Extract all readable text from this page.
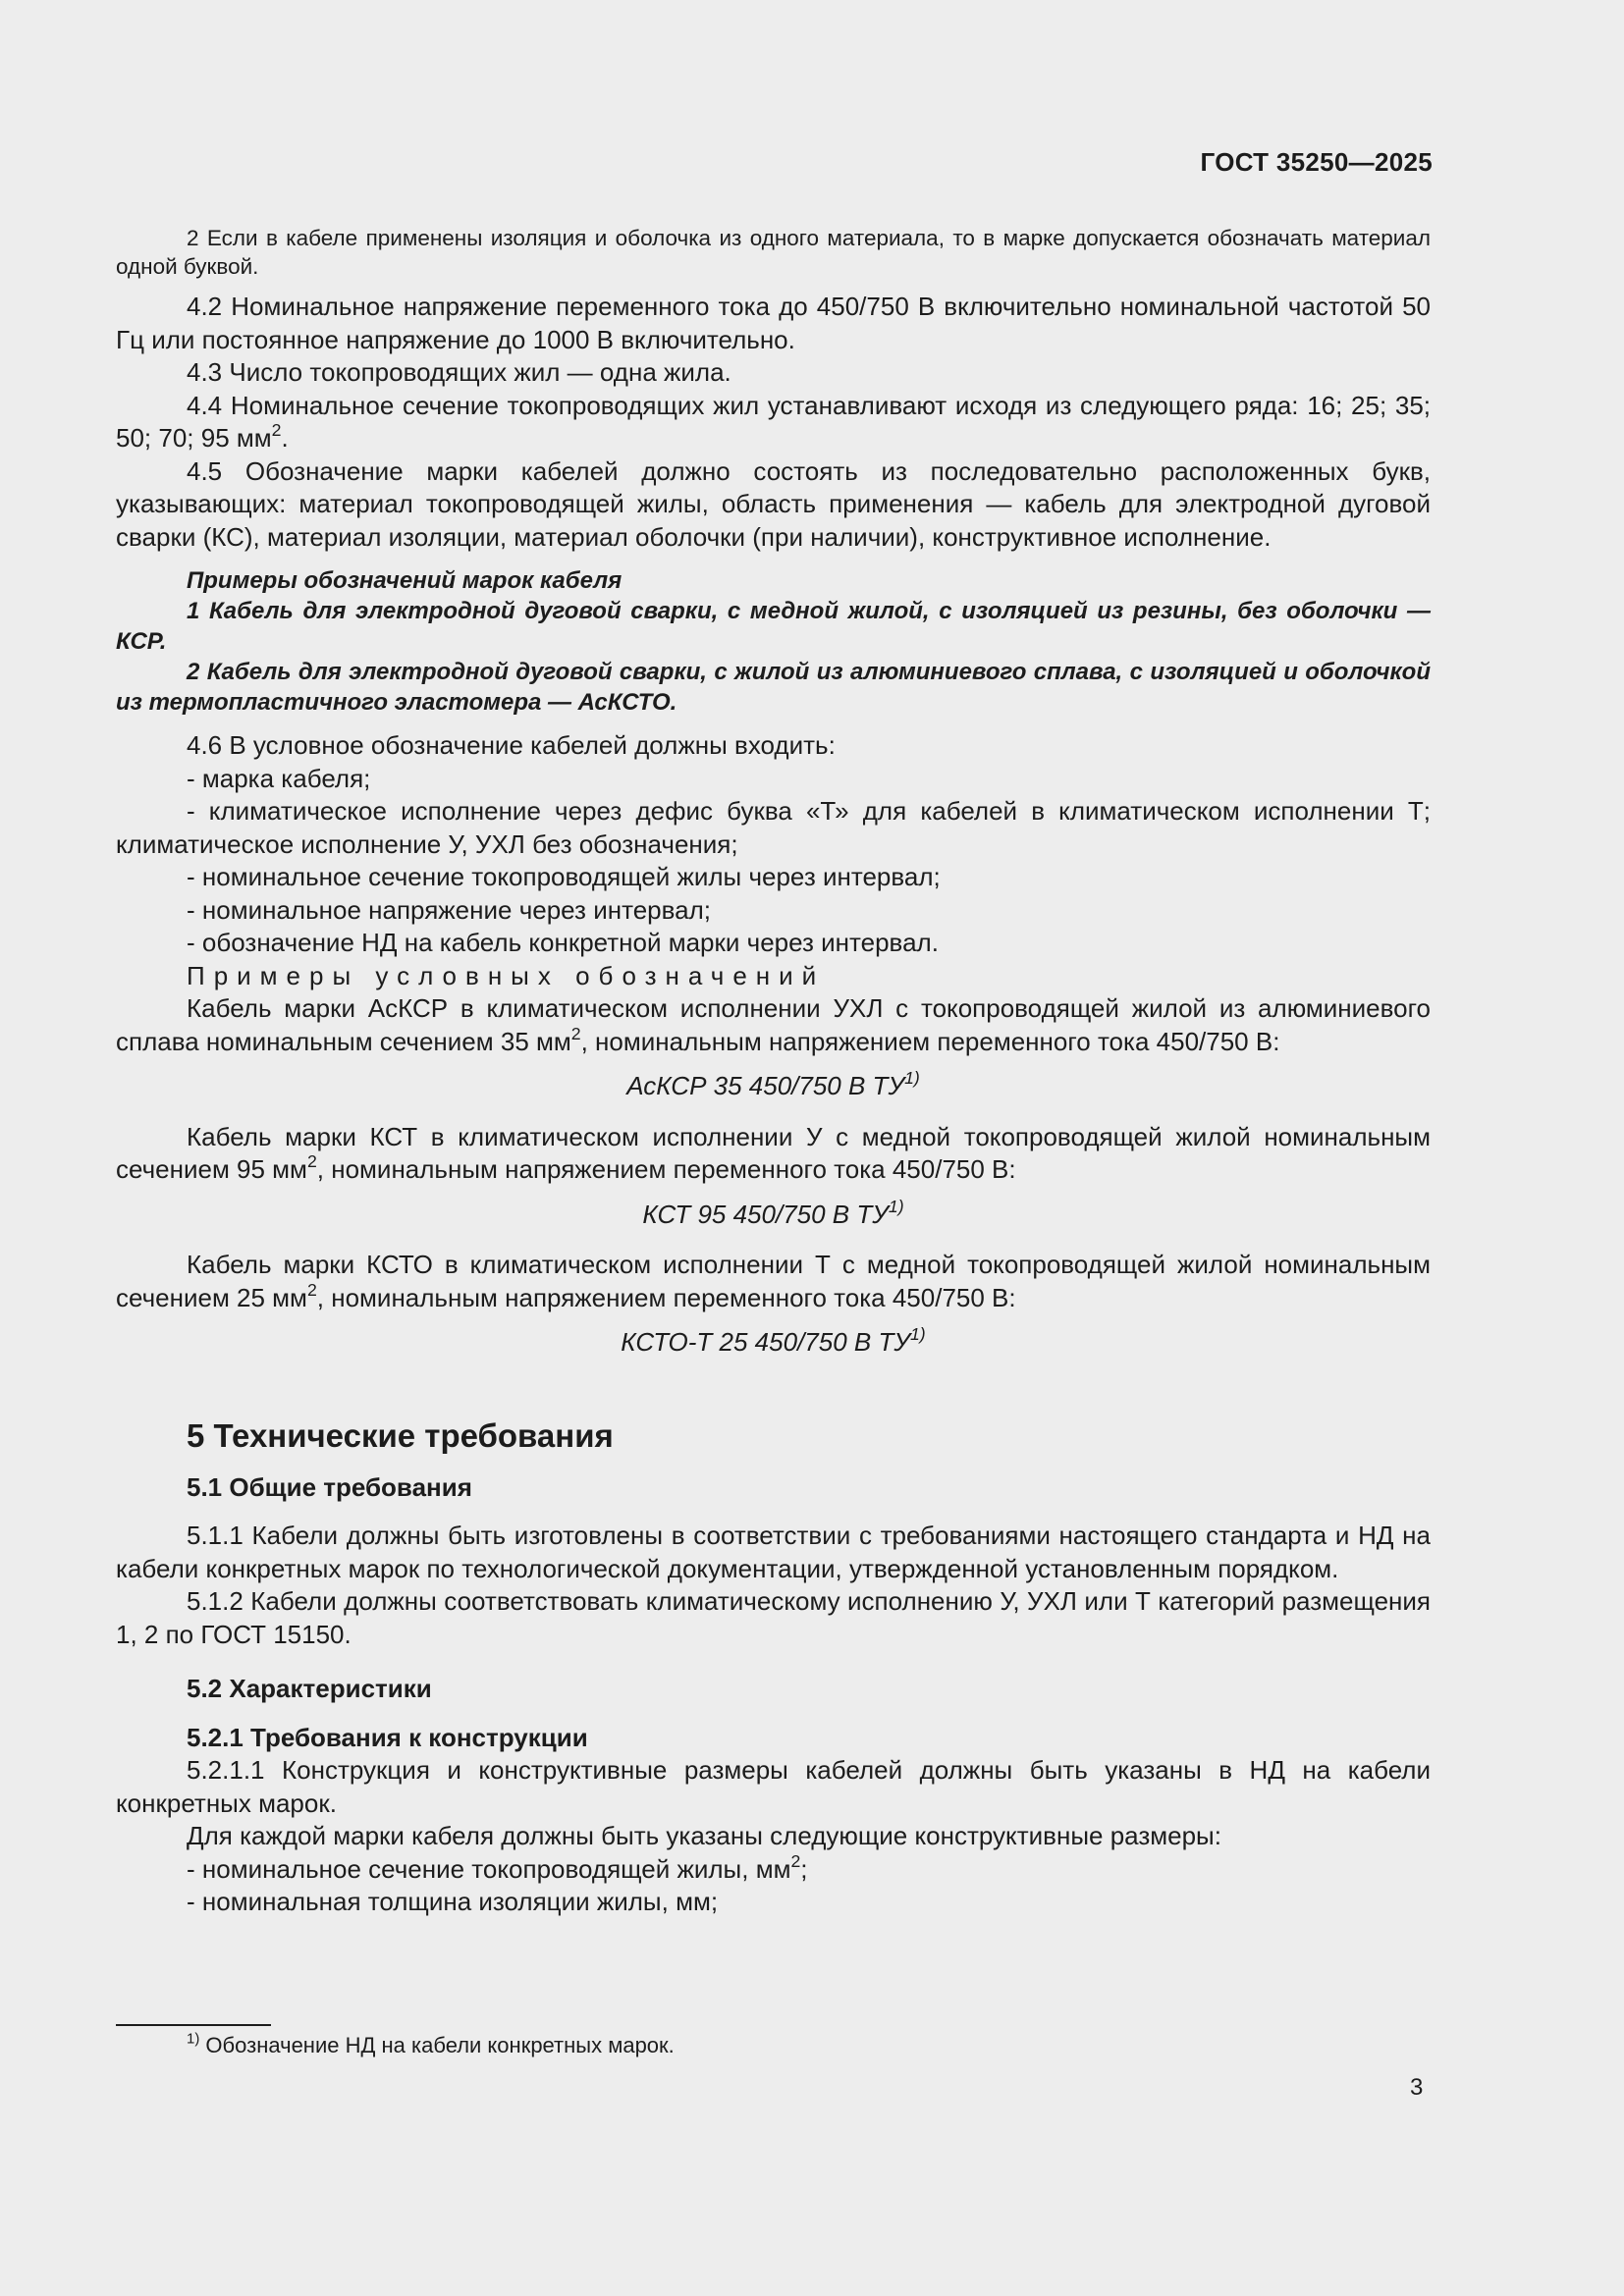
ГОСТ 35250—2025

2 Если в кабеле применены изоляция и оболочка из одного материала, то в марке допускается обозначать материал одной буквой.

4.2 Номинальное напряжение переменного тока до 450/750 В включительно номинальной частотой 50 Гц или постоянное напряжение до 1000 В включительно.

4.3 Число токопроводящих жил — одна жила.

4.4 Номинальное сечение токопроводящих жил устанавливают исходя из следующего ряда: 16; 25; 35; 50; 70; 95 $мм^2$.

4.5 Обозначение марки кабелей должно состоять из последовательно расположенных букв, указывающих: материал токопроводящей жилы, область применения — кабель для электродной дуговой сварки (КС), материал изоляции, материал оболочки (при наличии), конструктивное исполнение.

Примеры обозначений марок кабеля

1 Кабель для электродной дуговой сварки, с медной жилой, с изоляцией из резины, без оболочки — КСР.

2 Кабель для электродной дуговой сварки, с жилой из алюминиевого сплава, с изоляцией и оболочкой из термопластичного эластомера — АсКСТО.

4.6 В условное обозначение кабелей должны входить:

- марка кабеля;

- климатическое исполнение через дефис буква «Т» для кабелей в климатическом исполнении Т; климатическое исполнение У, УХЛ без обозначения;

- номинальное сечение токопроводящей жилы через интервал;

- номинальное напряжение через интервал;

- обозначение НД на кабель конкретной марки через интервал.

Примеры условных обозначений

Кабель марки АсКСР в климатическом исполнении УХЛ с токопроводящей жилой из алюминиевого сплава номинальным сечением 35 $мм^2$, номинальным напряжением переменного тока 450/750 В:

АсКСР 35 450/750 В ТУ$^{1)}$

Кабель марки КСТ в климатическом исполнении У с медной токопроводящей жилой номинальным сечением 95 $мм^2$, номинальным напряжением переменного тока 450/750 В:

КСТ 95 450/750 В ТУ$^{1)}$

Кабель марки КСТО в климатическом исполнении Т с медной токопроводящей жилой номинальным сечением 25 $мм^2$, номинальным напряжением переменного тока 450/750 В:

КСТО-Т 25 450/750 В ТУ$^{1)}$

5 Технические требования

5.1 Общие требования

5.1.1 Кабели должны быть изготовлены в соответствии с требованиями настоящего стандарта и НД на кабели конкретных марок по технологической документации, утвержденной установленным порядком.

5.1.2 Кабели должны соответствовать климатическому исполнению У, УХЛ или Т категорий размещения 1, 2 по ГОСТ 15150.

5.2 Характеристики

5.2.1 Требования к конструкции

5.2.1.1 Конструкция и конструктивные размеры кабелей должны быть указаны в НД на кабели конкретных марок.

Для каждой марки кабеля должны быть указаны следующие конструктивные размеры:

- номинальное сечение токопроводящей жилы, $мм^2$;

- номинальная толщина изоляции жилы, мм;

$^{1)}$ Обозначение НД на кабели конкретных марок.
3
